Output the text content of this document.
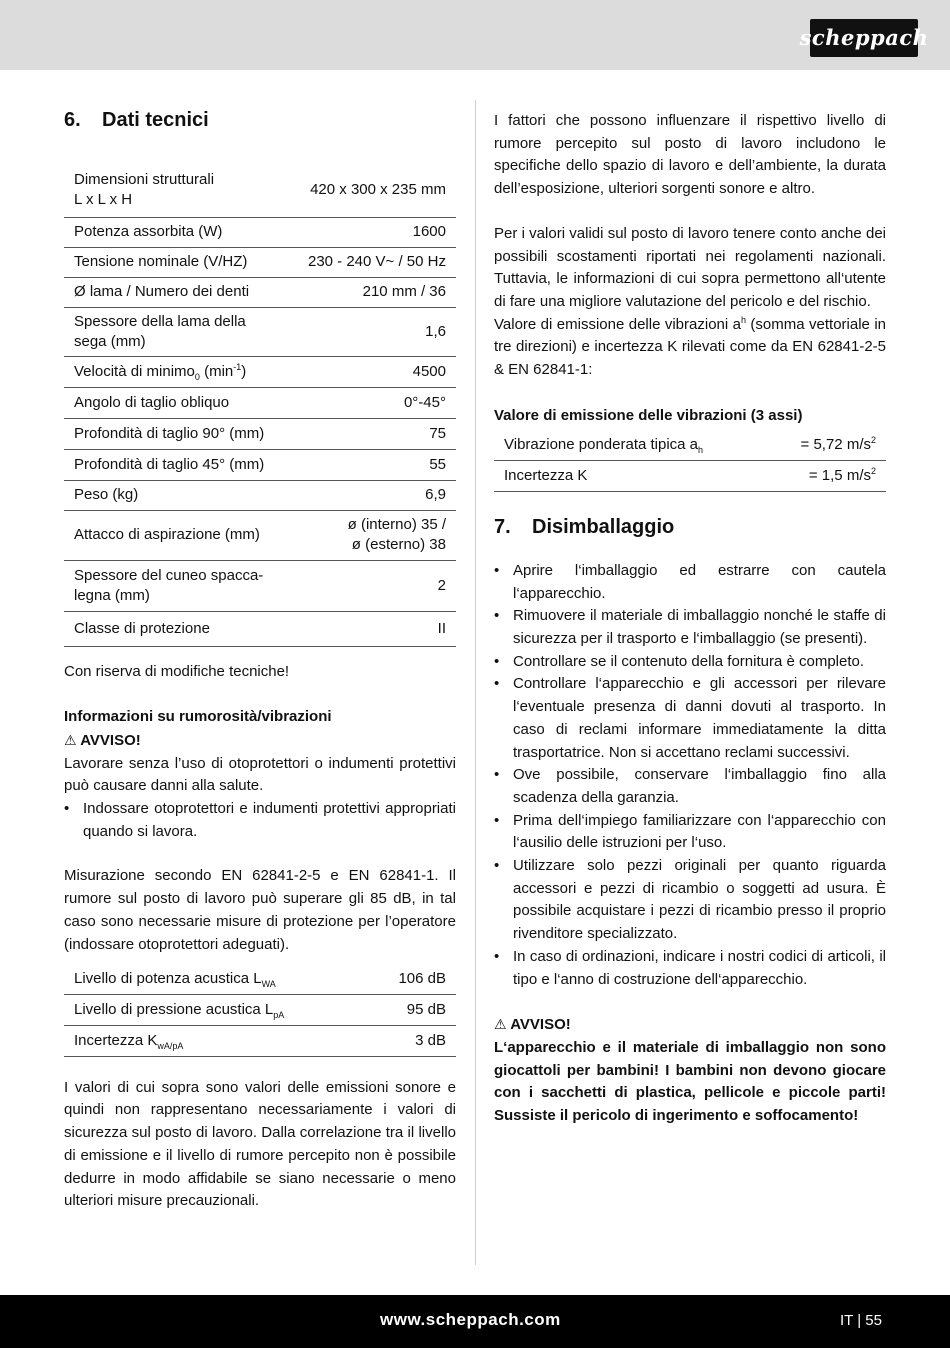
scheppach
6. Dati tecnici
Dimensioni strutturali
L x L x H	420 x 300 x 235 mm
Potenza assorbita (W)	1600
Tensione nominale (V/HZ)	230 - 240 V~ / 50 Hz
Ø lama / Numero dei denti	210 mm / 36
Spessore della lama della
sega (mm)	1,6
Velocità di minimo$_0$ $(\min^{-1})$	4500
Angolo di taglio obliquo	0°-45°
Profondità di taglio 90° (mm)	75
Profondità di taglio 45° (mm)	55
Peso (kg)	6,9
Attacco di aspirazione (mm)	ø (interno) 35 /
ø (esterno) 38
Spessore del cuneo spacca-
legna (mm)	2
Classe di protezione	II

Con riserva di modifiche tecniche!

Informazioni su rumorosità/vibrazioni

⚠ AVVISO!

Lavorare senza l’uso di otoprotettori o indumenti protettivi può causare danni alla salute.

• Indossare otoprotettori e indumenti protettivi appropriati quando si lavora.

Misurazione secondo EN 62841-2-5 e EN 62841-1. Il rumore sul posto di lavoro può superare gli 85 dB, in tal caso sono necessarie misure di protezione per l’operatore (indossare otoprotettori adeguati).

Livello di potenza acustica $L_{WA}$	106 dB
Livello di pressione acustica $L_{pA}$	95 dB
Incertezza $K_{wA/pA}$	3 dB

I valori di cui sopra sono valori delle emissioni sonore e quindi non rappresentano necessariamente i valori di sicurezza sul posto di lavoro. Dalla correlazione tra il livello di emissione e il livello di rumore percepito non è possibile dedurre in modo affidabile se siano necessarie o meno ulteriori misure precauzionali.

I fattori che possono influenzare il rispettivo livello di rumore percepito sul posto di lavoro includono le specifiche dello spazio di lavoro e dell’ambiente, la durata dell’esposizione, ulteriori sorgenti sonore e altro.

Per i valori validi sul posto di lavoro tenere conto anche dei possibili scostamenti riportati nei regolamenti nazionali. Tuttavia, le informazioni di cui sopra permettono all‘utente di fare una migliore valutazione del pericolo e del rischio.

Valore di emissione delle vibrazioni $a^h$ (somma vettoriale in tre direzioni) e incertezza K rilevati come da EN 62841-2-5 & EN 62841-1:

Valore di emissione delle vibrazioni (3 assi)

Vibrazione ponderata tipica $a_h$	= 5,72 $m/s^2$
Incertezza K	= 1,5 $m/s^2$
7. Disimballaggio
• Aprire l‘imballaggio ed estrarre con cautela l‘apparecchio.
• Rimuovere il materiale di imballaggio nonché le staffe di sicurezza per il trasporto e l‘imballaggio (se presenti).
• Controllare se il contenuto della fornitura è completo.
• Controllare l‘apparecchio e gli accessori per rilevare l‘eventuale presenza di danni dovuti al trasporto. In caso di reclami informare immediatamente la ditta trasportatrice. Non si accettano reclami successivi.
• Ove possibile, conservare l‘imballaggio fino alla scadenza della garanzia.
• Prima dell‘impiego familiarizzare con l‘apparecchio con l‘ausilio delle istruzioni per l‘uso.
• Utilizzare solo pezzi originali per quanto riguarda accessori e pezzi di ricambio o soggetti ad usura. È possibile acquistare i pezzi di ricambio presso il proprio rivenditore specializzato.
• In caso di ordinazioni, indicare i nostri codici di articoli, il tipo e l‘anno di costruzione dell‘apparecchio.

⚠ AVVISO!

L‘apparecchio e il materiale di imballaggio non sono giocattoli per bambini! I bambini non devono giocare con i sacchetti di plastica, pellicole e piccole parti! Sussiste il pericolo di ingerimento e soffocamento!

www.scheppach.com	IT | 55
